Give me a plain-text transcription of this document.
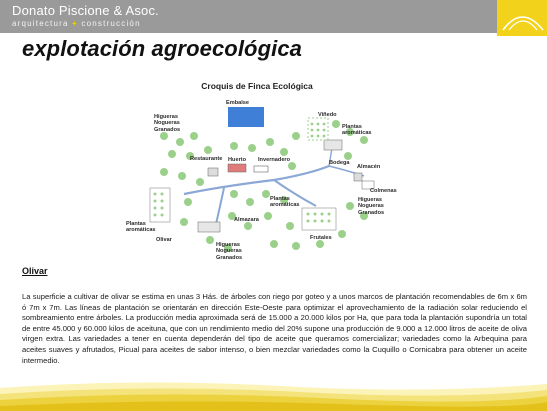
Donato Piscione & Asoc.
arquitectura + construcción
explotación agroecológica
Croquis de Finca Ecológica
Embalse
Viñedo
Higueras
Nogueras
Granados	Plantas
aromáticas
Restaurante Huerto Invernadero	Bodega
Almacén
Colmenas
Higueras
Nogueras
Granados
Plantas
aromáticas
Plantas
aromáticas
Olivar
Almazara
Frutales
Higueras
Nogueras
Granados
Olivar

La superficie a cultivar de olivar se estima en unas 3 Hás. de árboles con riego por goteo y a unos marcos de plantación recomendables de 6m x 6m ó 7m x 7m. Las líneas de plantación se orientarán en dirección Este-Oeste para optimizar el aprovechamiento de la radiación solar reduciendo el sombreamiento entre árboles. La producción media aproximada será de 15.000 a 20.000 kilos por Ha, que para toda la plantación supondría un total de entre 45.000 y 60.000 kilos de aceituna, que con un rendimiento medio del 20% supone una producción de 9.000 a 12.000 litros de aceite de oliva virgen extra. Las variedades a tener en cuenta dependerán del tipo de aceite que queramos comercializar; variedades como la Arbequina para aceites suaves y afrutados, Picual para aceites de sabor intenso, o bien mezclar variedades como la Cuquillo o Cornicabra para obtener un aceite intermedio.
